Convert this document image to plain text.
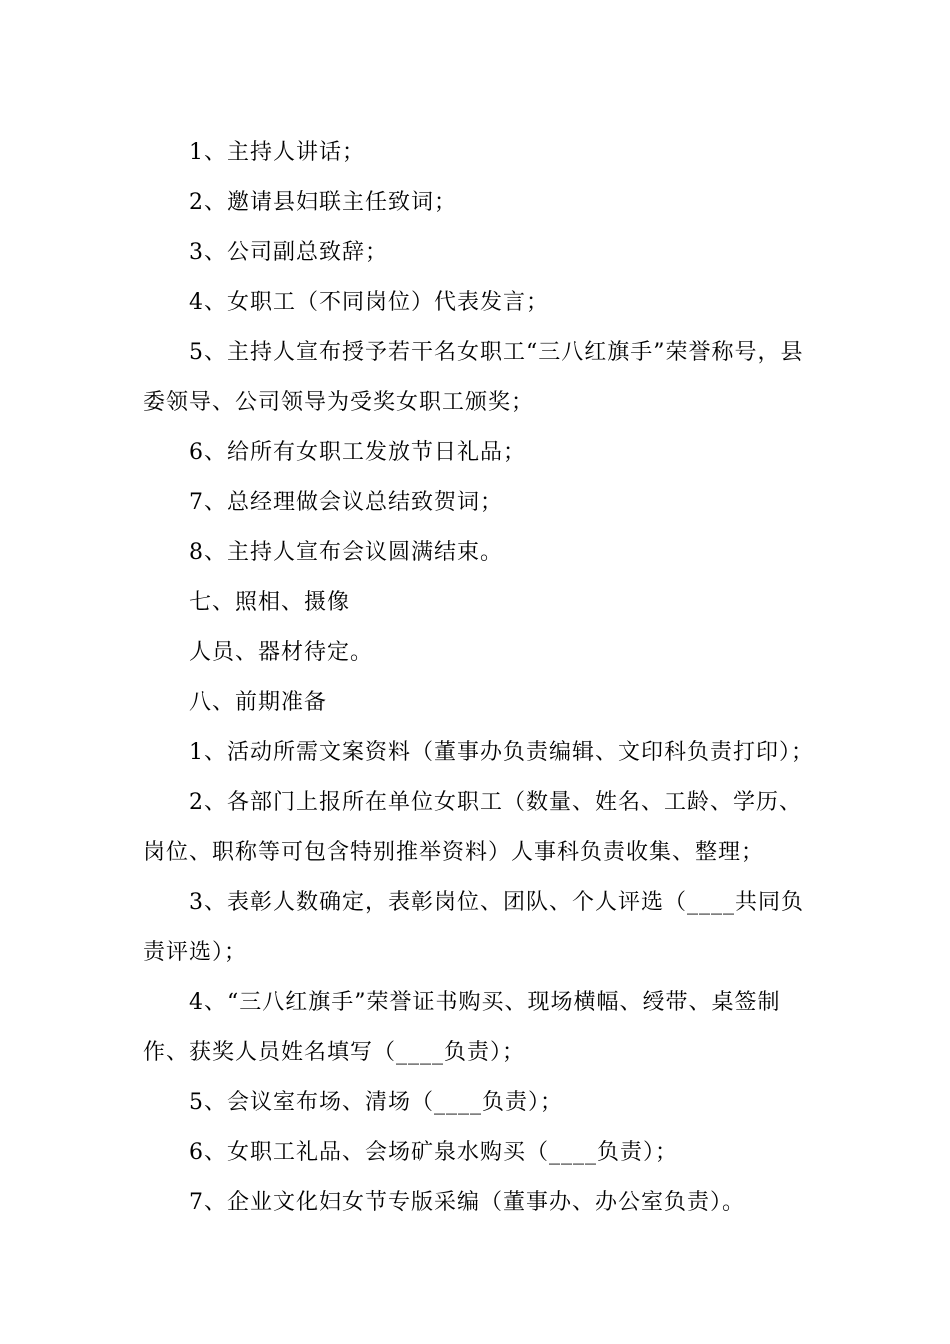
1、主持人讲话；

2、邀请县妇联主任致词；

3、公司副总致辞；

4、女职工（不同岗位）代表发言；

5、主持人宣布授予若干名女职工“三八红旗手”荣誉称号，县委领导、公司领导为受奖女职工颁奖；

6、给所有女职工发放节日礼品；

7、总经理做会议总结致贺词；

8、主持人宣布会议圆满结束。

七、照相、摄像

人员、器材待定。

八、前期准备

1、活动所需文案资料（董事办负责编辑、文印科负责打印）；

2、各部门上报所在单位女职工（数量、姓名、工龄、学历、岗位、职称等可包含特别推举资料）人事科负责收集、整理；

3、表彰人数确定，表彰岗位、团队、个人评选（____共同负责评选）；

4、“三八红旗手”荣誉证书购买、现场横幅、绶带、桌签制作、获奖人员姓名填写（____负责）；

5、会议室布场、清场（____负责）；

6、女职工礼品、会场矿泉水购买（____负责）；

7、企业文化妇女节专版采编（董事办、办公室负责）。
